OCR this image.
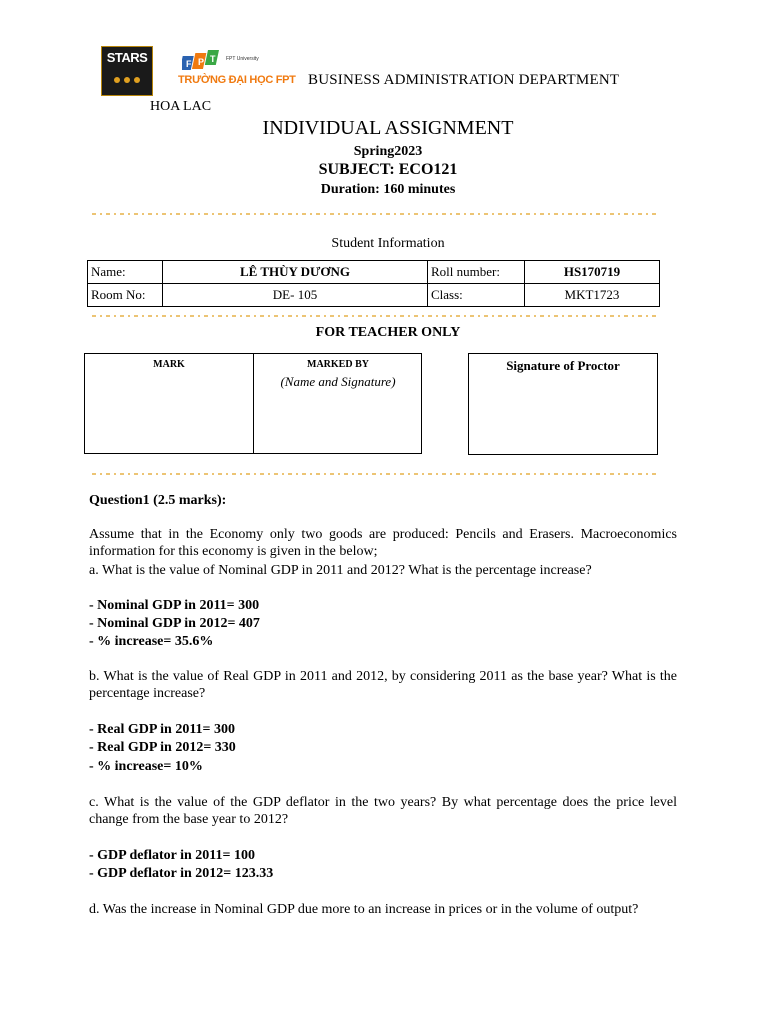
STARS	F P T FPT University
TRƯỜNG ĐẠI HỌC FPT BUSINESS ADMINISTRATION DEPARTMENT
HOA LAC
INDIVIDUAL ASSIGNMENT
Spring2023
SUBJECT: ECO121
Duration: 160 minutes
Student Information
Name:	LÊ THÙY DƯƠNG	Roll number:	HS170719
Room No:	DE- 105	Class:	MKT1723
FOR TEACHER ONLY
MARK	MARKED BY
(Name and Signature)
Signature of Proctor
Question1 (2.5 marks):
Assume that in the Economy only two goods are produced: Pencils and Erasers. Macroeconomics information for this economy is given in the below;
a. What is the value of Nominal GDP in 2011 and 2012? What is the percentage increase?
- Nominal GDP in 2011= 300
- Nominal GDP in 2012= 407
- % increase= 35.6%
b. What is the value of Real GDP in 2011 and 2012, by considering 2011 as the base year? What is the percentage increase?
- Real GDP in 2011= 300
- Real GDP in 2012= 330
- % increase= 10%
c. What is the value of the GDP deflator in the two years? By what percentage does the price level change from the base year to 2012?
- GDP deflator in 2011= 100
- GDP deflator in 2012= 123.33
d. Was the increase in Nominal GDP due more to an increase in prices or in the volume of output?
